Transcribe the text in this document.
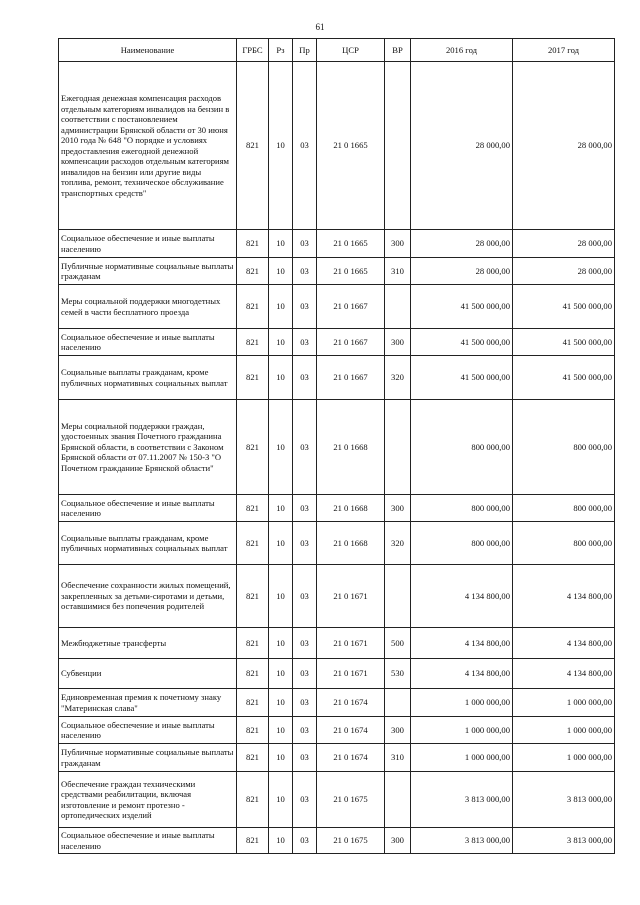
61
Наименование	ГРБС	Рз	Пр	ЦСР	ВР	2016 год	2017 год
Ежегодная денежная компенсация расходов отдельным категориям инвалидов на бензин в соответствии с постановлением администрации Брянской области от 30 июня 2010 года № 648 "О порядке и условиях предоставления ежегодной денежной компенсации расходов отдельным категориям инвалидов на бензин или другие виды топлива, ремонт, техническое обслуживание транспортных средств"	821	10	03	21 0 1665		28 000,00	28 000,00
Социальное обеспечение и иные выплаты населению	821	10	03	21 0 1665	300	28 000,00	28 000,00
Публичные нормативные социальные выплаты гражданам	821	10	03	21 0 1665	310	28 000,00	28 000,00
Меры социальной поддержки многодетных семей в части бесплатного проезда	821	10	03	21 0 1667		41 500 000,00	41 500 000,00
Социальное обеспечение и иные выплаты населению	821	10	03	21 0 1667	300	41 500 000,00	41 500 000,00
Социальные выплаты гражданам, кроме публичных нормативных социальных выплат	821	10	03	21 0 1667	320	41 500 000,00	41 500 000,00
Меры социальной поддержки граждан, удостоенных звания Почетного гражданина Брянской области, в соответствии с Законом Брянской области от 07.11.2007 № 150-З "О Почетном гражданине Брянской области"	821	10	03	21 0 1668		800 000,00	800 000,00
Социальное обеспечение и иные выплаты населению	821	10	03	21 0 1668	300	800 000,00	800 000,00
Социальные выплаты гражданам, кроме публичных нормативных социальных выплат	821	10	03	21 0 1668	320	800 000,00	800 000,00
Обеспечение сохранности жилых помещений, закрепленных за детьми-сиротами и детьми, оставшимися без попечения родителей	821	10	03	21 0 1671		4 134 800,00	4 134 800,00
Межбюджетные трансферты	821	10	03	21 0 1671	500	4 134 800,00	4 134 800,00
Субвенции	821	10	03	21 0 1671	530	4 134 800,00	4 134 800,00
Единовременная премия к почетному знаку "Материнская слава"	821	10	03	21 0 1674		1 000 000,00	1 000 000,00
Социальное обеспечение и иные выплаты населению	821	10	03	21 0 1674	300	1 000 000,00	1 000 000,00
Публичные нормативные социальные выплаты гражданам	821	10	03	21 0 1674	310	1 000 000,00	1 000 000,00
Обеспечение граждан техническими средствами реабилитации, включая изготовление и ремонт протезно - ортопедических изделий	821	10	03	21 0 1675		3 813 000,00	3 813 000,00
Социальное обеспечение и иные выплаты населению	821	10	03	21 0 1675	300	3 813 000,00	3 813 000,00
